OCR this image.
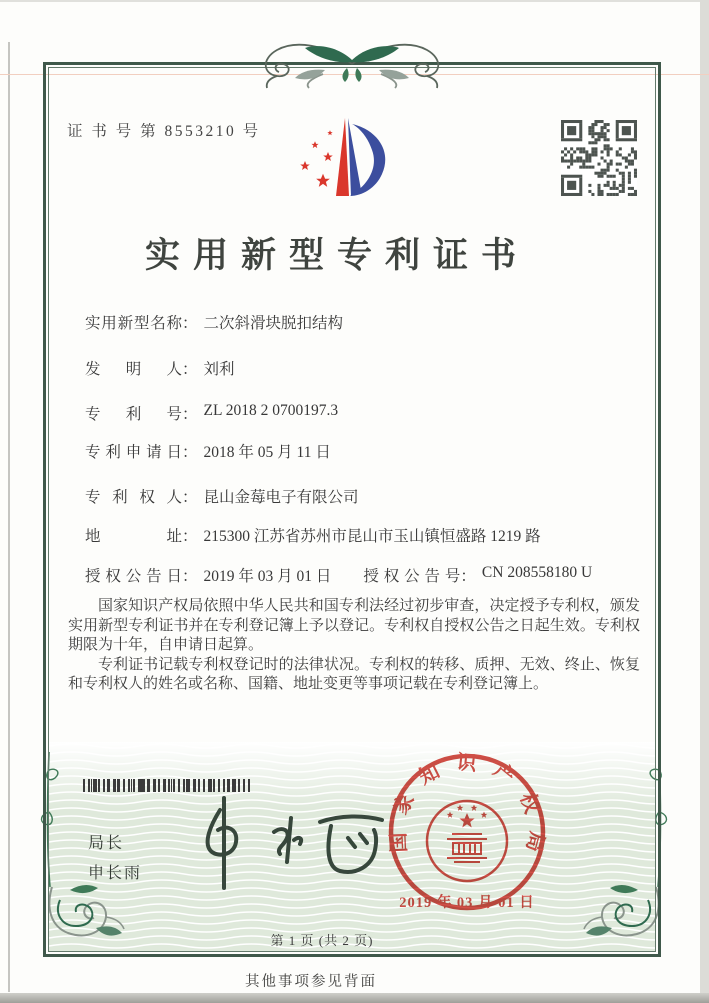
证 书 号 第 8553210 号
实用新型专利证书
实用新型名称 ： 二次斜滑块脱扣结构
发明人 ： 刘利
专利号 ： ZL 2018 2 0700197.3
专利申请日 ： 2018 年 05 月 11 日
专利权人 ： 昆山金莓电子有限公司
地址 ： 215300 江苏省苏州市昆山市玉山镇恒盛路 1219 路
授权公告日 ： 2019 年 03 月 01 日 授权公告号 ： CN 208558180 U

国家知识产权局依照中华人民共和国专利法经过初步审查，决定授予专利权，颁发实用新型专利证书并在专利登记簿上予以登记。专利权自授权公告之日起生效。专利权期限为十年，自申请日起算。

专利证书记载专利权登记时的法律状况。专利权的转移、质押、无效、终止、恢复和专利权人的姓名或名称、国籍、地址变更等事项记载在专利登记簿上。

局长
申长雨
国家知识产权局
2019 年 03 月 01 日
第 1 页 (共 2 页)
其他事项参见背面
